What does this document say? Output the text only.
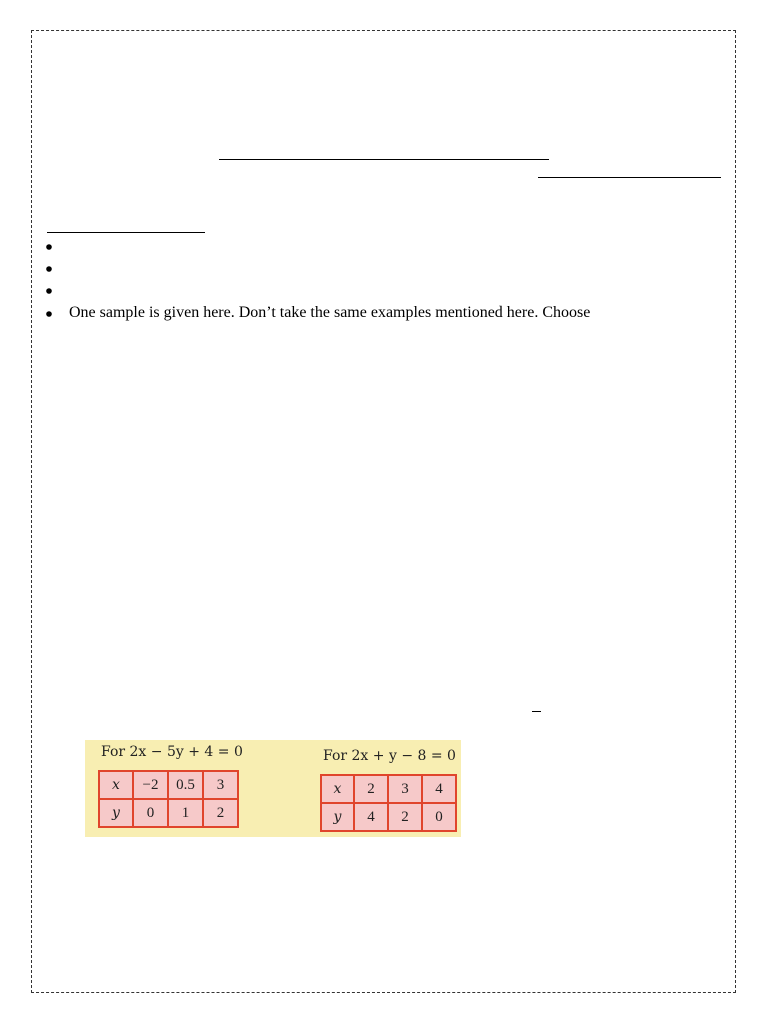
One sample is given here. Don’t take the same examples mentioned here. Choose
For 2x − 5y + 4 = 0
x	−2	0.5	3
y	0	1	2
For 2x + y − 8 = 0
x	2	3	4
y	4	2	0
